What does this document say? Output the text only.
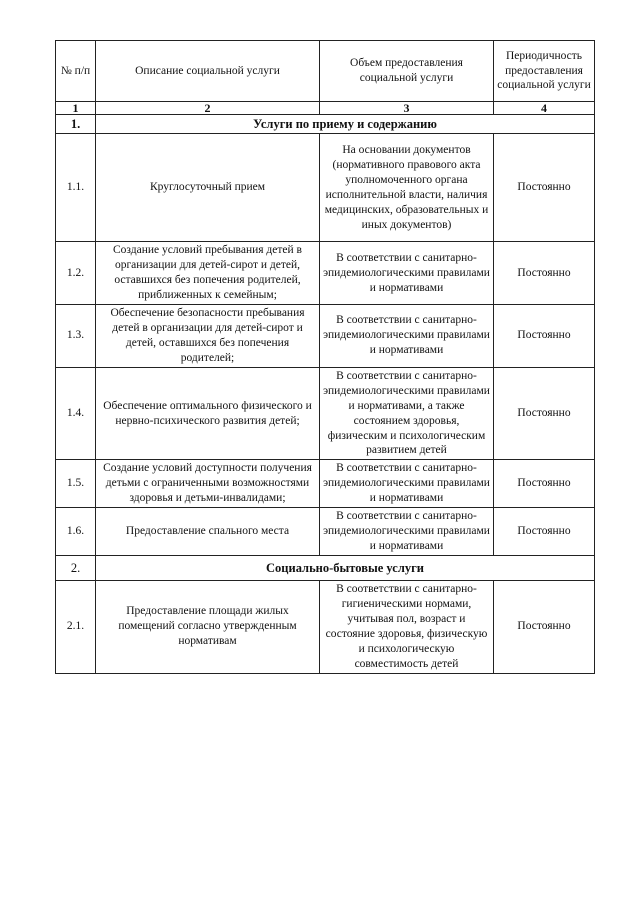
№ п/п	Описание социальной услуги	Объем предоставления социальной услуги	Периодичность предоставления социальной услуги
1	2	3	4
1.	Услуги по приему и содержанию		
1.1.	Круглосуточный прием	На основании документов (нормативного правового акта уполномоченного органа исполнительной власти, наличия медицинских, образовательных и иных документов)	Постоянно
1.2.	Создание условий пребывания детей в организации для детей-сирот и детей, оставшихся без попечения родителей, приближенных к семейным;	В соответствии с санитарно-эпидемиологическими правилами и нормативами	Постоянно
1.3.	Обеспечение безопасности пребывания детей в организации для детей-сирот и детей, оставшихся без попечения родителей;	В соответствии с санитарно-эпидемиологическими правилами и нормативами	Постоянно
1.4.	Обеспечение оптимального физического и нервно-психического развития детей;	В соответствии с санитарно-эпидемиологическими правилами и нормативами, а также состоянием здоровья, физическим и психологическим развитием детей	Постоянно
1.5.	Создание условий доступности получения детьми с ограниченными возможностями здоровья и детьми-инвалидами;	В соответствии с санитарно-эпидемиологическими правилами и нормативами	Постоянно
1.6.	Предоставление спального места	В соответствии с санитарно-эпидемиологическими правилами и нормативами	Постоянно
2.	Социально-бытовые услуги		
2.1.	Предоставление площади жилых помещений согласно утвержденным нормативам	В соответствии с санитарно-гигиеническими нормами, учитывая пол, возраст и состояние здоровья, физическую и психологическую совместимость детей	Постоянно
